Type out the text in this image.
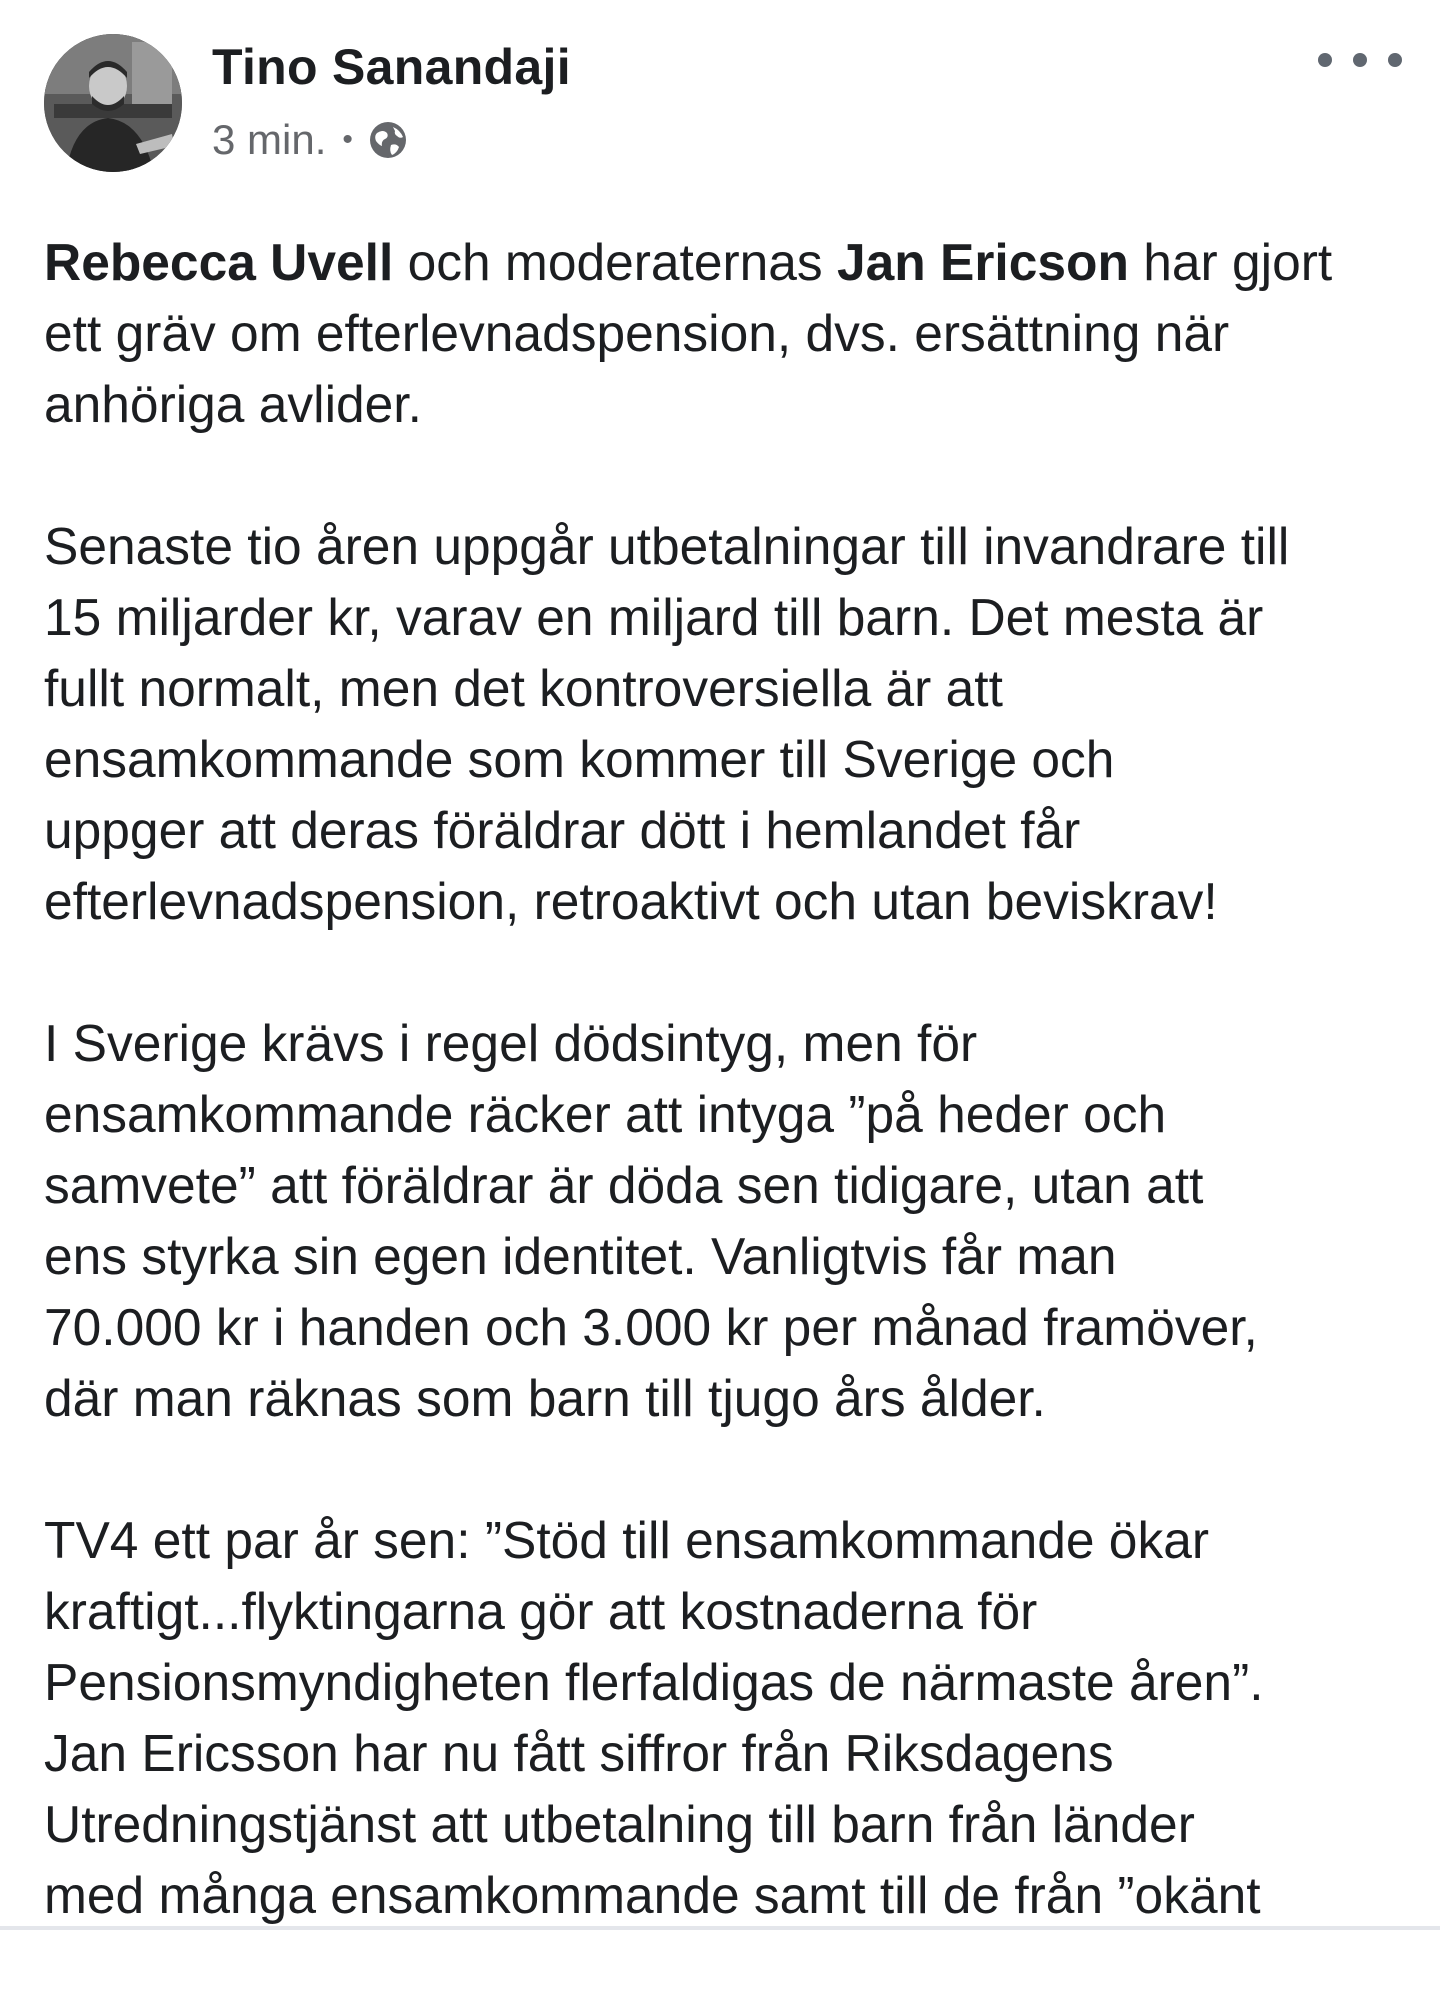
Tino Sanandaji
3 min. •
Rebecca Uvell och moderaternas Jan Ericson har gjort
ett gräv om efterlevnadspension, dvs. ersättning när
anhöriga avlider.
Senaste tio åren uppgår utbetalningar till invandrare till
15 miljarder kr, varav en miljard till barn. Det mesta är
fullt normalt, men det kontroversiella är att
ensamkommande som kommer till Sverige och
uppger att deras föräldrar dött i hemlandet får
efterlevnadspension, retroaktivt och utan beviskrav!
I Sverige krävs i regel dödsintyg, men för
ensamkommande räcker att intyga ”på heder och
samvete” att föräldrar är döda sen tidigare, utan att
ens styrka sin egen identitet. Vanligtvis får man
70.000 kr i handen och 3.000 kr per månad framöver,
där man räknas som barn till tjugo års ålder.
TV4 ett par år sen: ”Stöd till ensamkommande ökar
kraftigt...flyktingarna gör att kostnaderna för
Pensionsmyndigheten flerfaldigas de närmaste åren”.
Jan Ericsson har nu fått siffror från Riksdagens
Utredningstjänst att utbetalning till barn från länder
med många ensamkommande samt till de från ”okänt
